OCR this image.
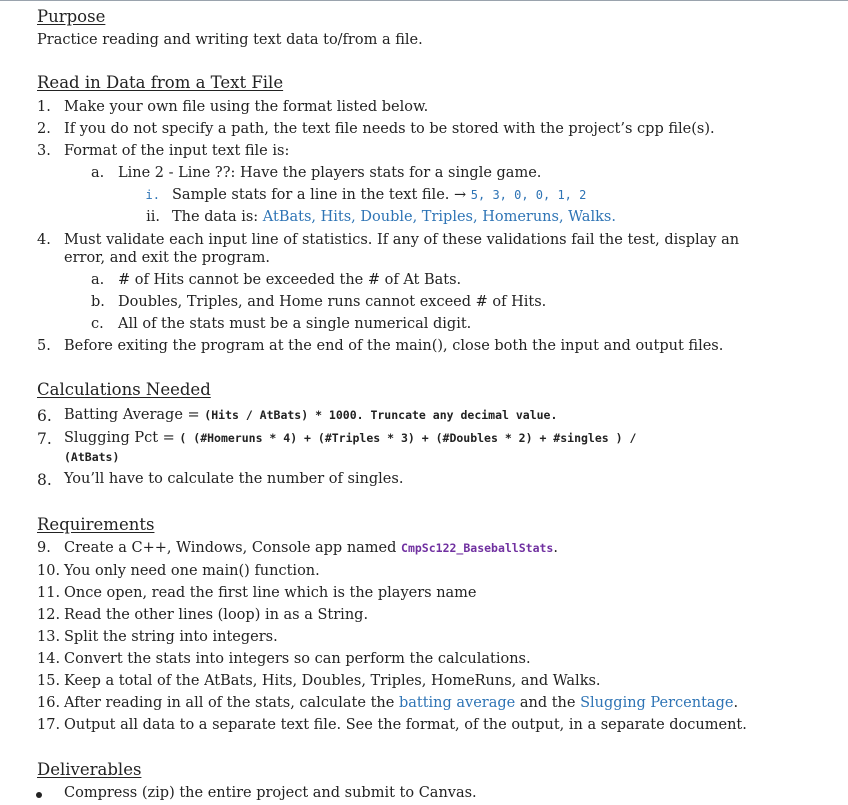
Purpose
Practice reading and writing text data to/from a file.
Read in Data from a Text File
1. Make your own file using the format listed below.
2. If you do not specify a path, the text file needs to be stored with the project’s cpp file(s).
3. Format of the input text file is:
a. Line 2 - Line ??: Have the players stats for a single game.
i. Sample stats for a line in the text file. → 5, 3, 0, 0, 1, 2
ii. The data is: AtBats, Hits, Double, Triples, Homeruns, Walks.
4. Must validate each input line of statistics. If any of these validations fail the test, display an
error, and exit the program.
a. # of Hits cannot be exceeded the # of At Bats.
b. Doubles, Triples, and Home runs cannot exceed # of Hits.
c. All of the stats must be a single numerical digit.
5. Before exiting the program at the end of the main(), close both the input and output files.
Calculations Needed
6. Batting Average = (Hits / AtBats) * 1000. Truncate any decimal value.
7. Slugging Pct = ( (#Homeruns * 4) + (#Triples * 3) + (#Doubles * 2) + #singles ) /
(AtBats)
8. You’ll have to calculate the number of singles.
Requirements
9. Create a C++, Windows, Console app named CmpSc122_BaseballStats.
10. You only need one main() function.
11. Once open, read the first line which is the players name
12. Read the other lines (loop) in as a String.
13. Split the string into integers.
14. Convert the stats into integers so can perform the calculations.
15. Keep a total of the AtBats, Hits, Doubles, Triples, HomeRuns, and Walks.
16. After reading in all of the stats, calculate the batting average and the Slugging Percentage.
17. Output all data to a separate text file. See the format, of the output, in a separate document.
Deliverables
Compress (zip) the entire project and submit to Canvas.
